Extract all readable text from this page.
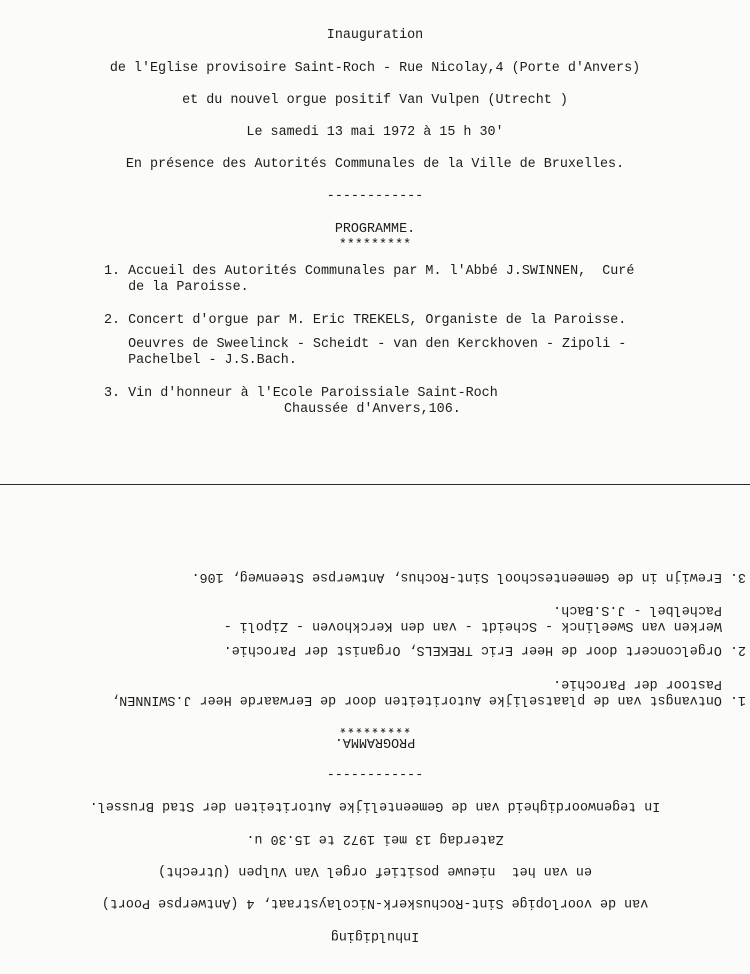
Inauguration
de l'Eglise provisoire Saint-Roch - Rue Nicolay,4 (Porte d'Anvers)
et du nouvel orgue positif Van Vulpen (Utrecht )
Le samedi 13 mai 1972 à 15 h 30'
En présence des Autorités Communales de la Ville de Bruxelles.
------------
PROGRAMME.
*********
1. Accueil des Autorités Communales par M. l'Abbé J.SWINNEN,  Curé
de la Paroisse.
2. Concert d'orgue par M. Eric TREKELS, Organiste de la Paroisse.
Oeuvres de Sweelinck - Scheidt - van den Kerckhoven - Zipoli -
Pachelbel - J.S.Bach.
3. Vin d'honneur à l'Ecole Paroissiale Saint-Roch
Chaussée d'Anvers,106.
Inhuldiging
van de voorlopige Sint-Rochuskerk-Nicolaystraat, 4 (Antwerpse Poort)
en van het  nieuwe positief orgel Van Vulpen (Utrecht)
Zaterdag 13 mei 1972 te 15.30 u.
In tegenwoordigheid van de Gemeentelijke Autoriteiten der Stad Brussel.
------------
PROGRAMMA.
*********
1. Ontvangst van de plaatselijke Autoriteiten door de Eerwaarde Heer J.SWINNEN,
Pastoor der Parochie.
2. Orgelconcert door de Heer Eric TREKELS, Organist der Parochie.
Werken van Sweelinck - Scheidt - van den Kerckhoven - Zipoli -
Pachelbel - J.S.Bach.
3. Erewijn in de Gemeenteschool Sint-Rochus, Antwerpse Steenweg, 106.
